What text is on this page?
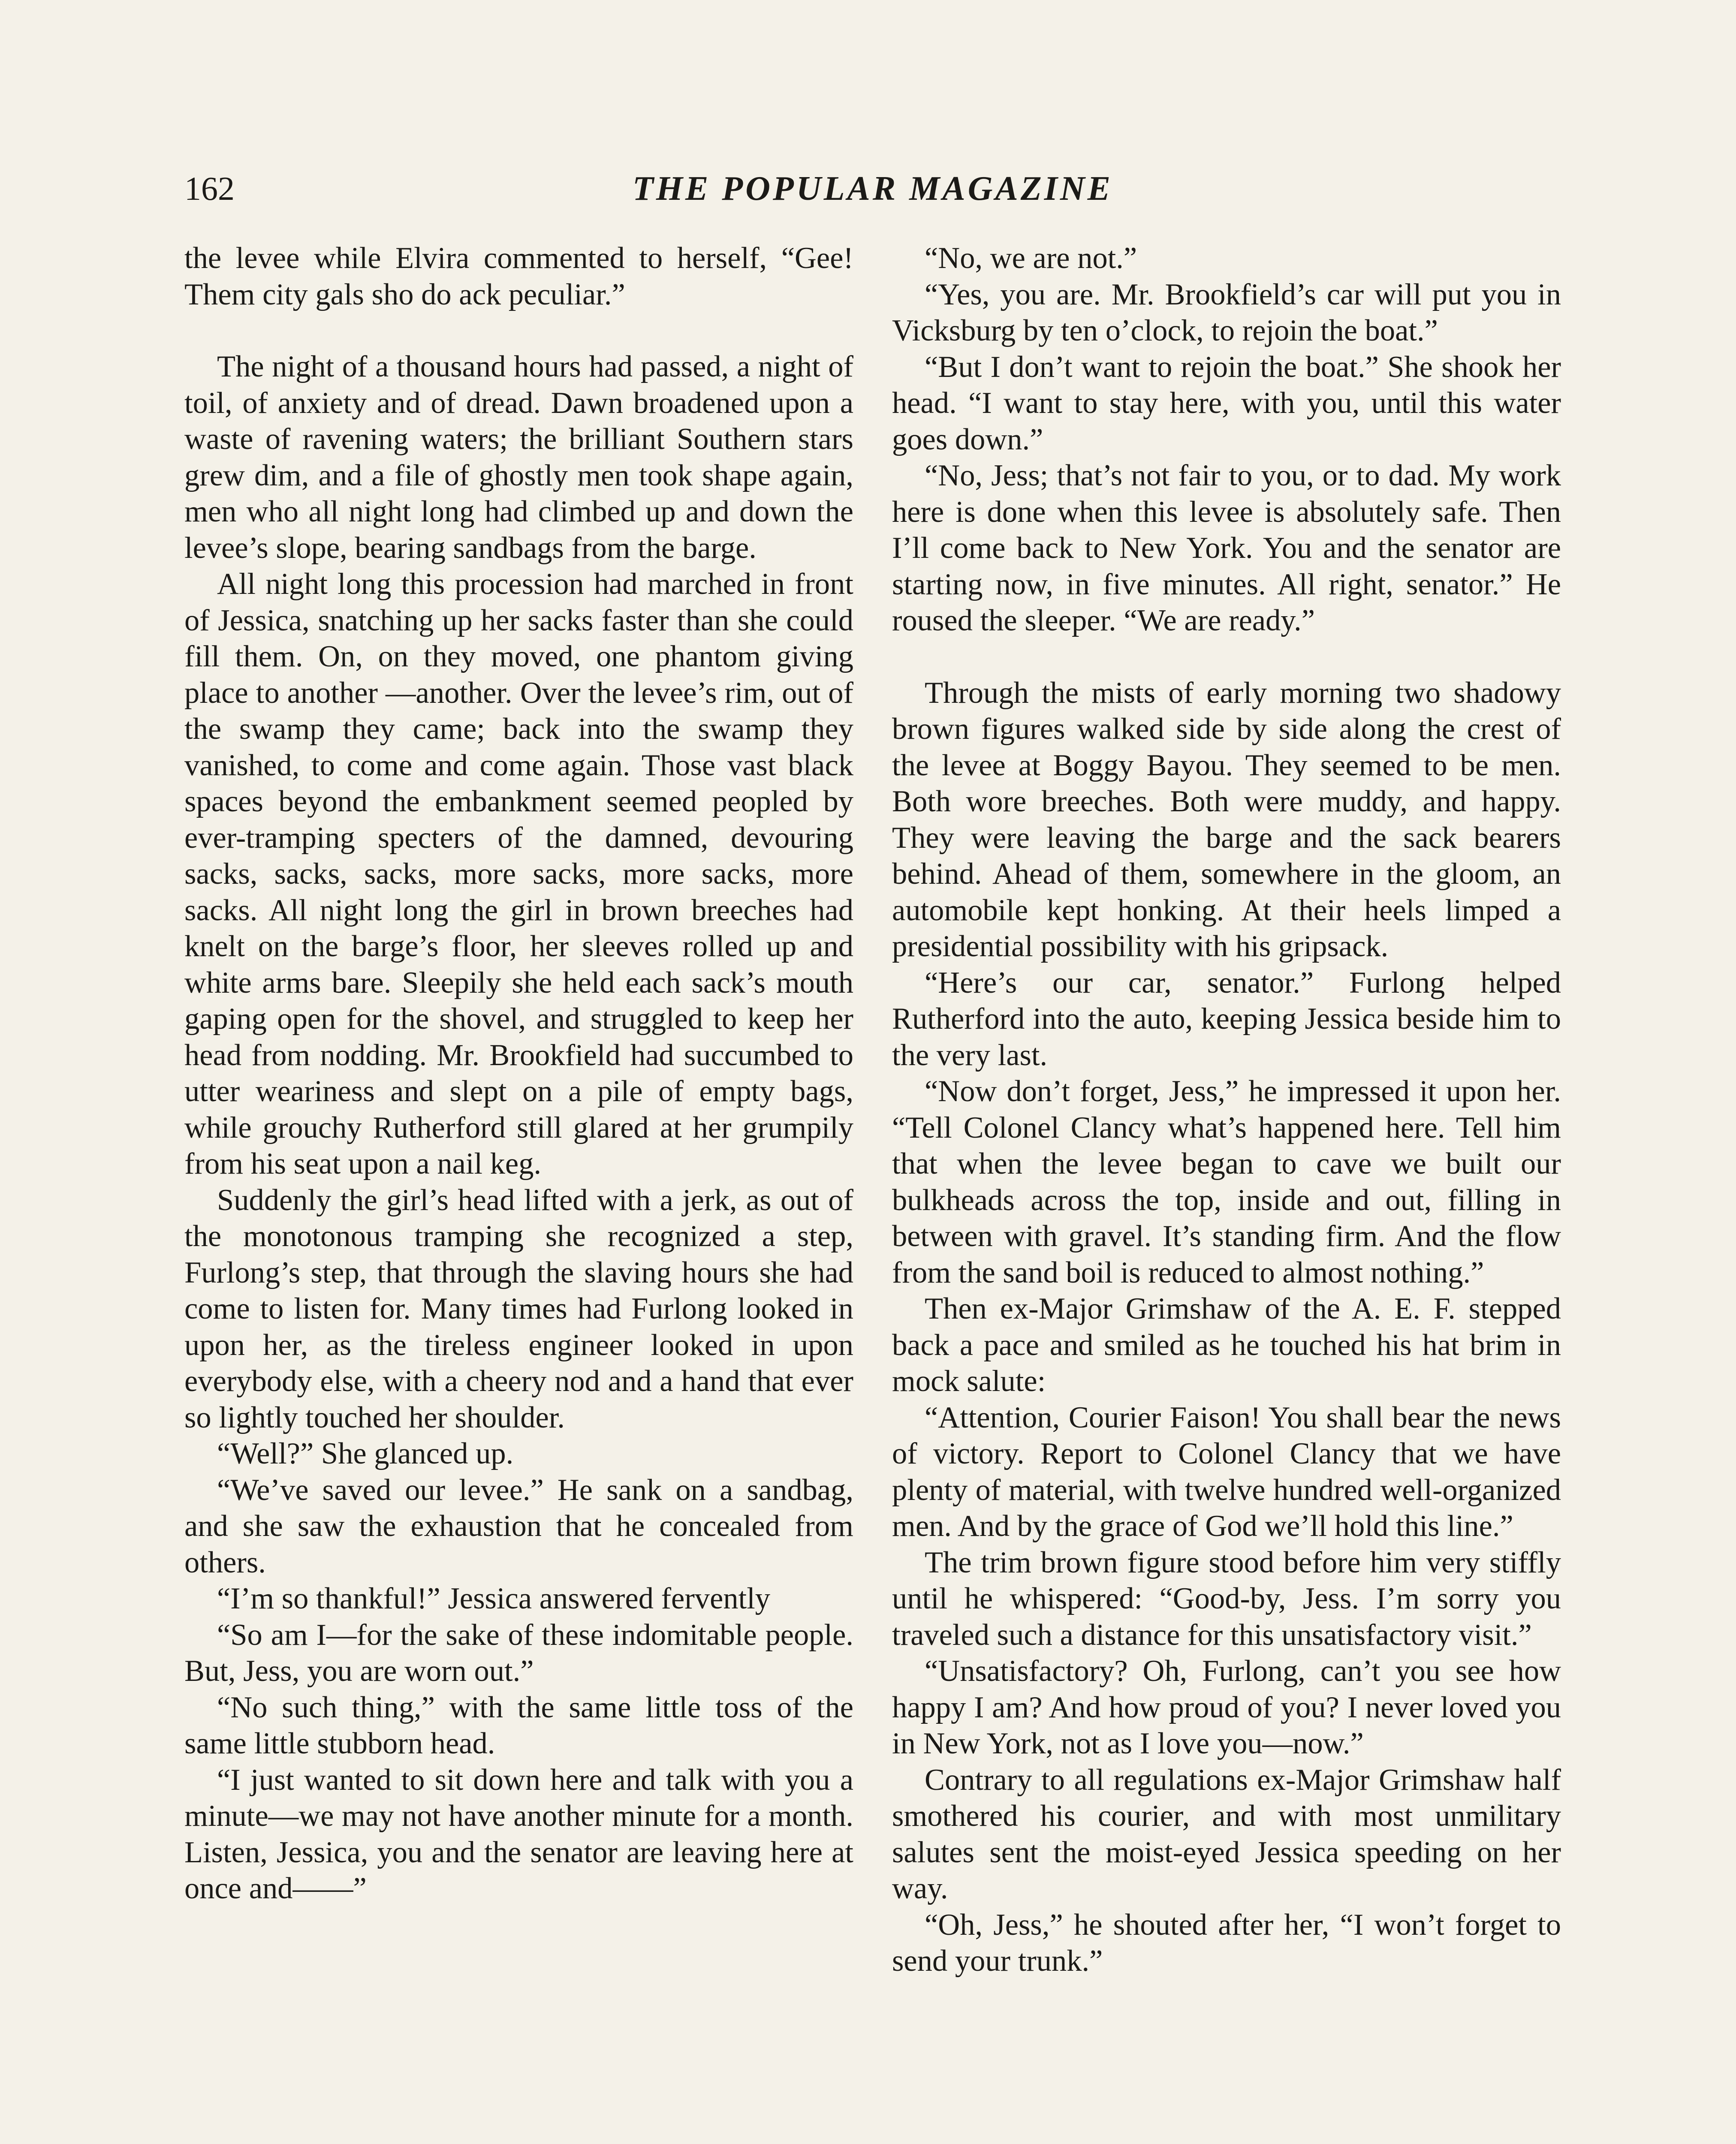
162	THE POPULAR MAGAZINE

the levee while Elvira commented to herself, “Gee! Them city gals sho do ack peculiar.”

The night of a thousand hours had passed, a night of toil, of anxiety and of dread. Dawn broadened upon a waste of ravening waters; the brilliant Southern stars grew dim, and a file of ghostly men took shape again, men who all night long had climbed up and down the levee’s slope, bearing sandbags from the barge.

All night long this procession had marched in front of Jessica, snatching up her sacks faster than she could fill them. On, on they moved, one phantom giving place to another —another. Over the levee’s rim, out of the swamp they came; back into the swamp they vanished, to come and come again. Those vast black spaces beyond the embankment seemed peopled by ever-tramping specters of the damned, devouring sacks, sacks, sacks, more sacks, more sacks, more sacks. All night long the girl in brown breeches had knelt on the barge’s floor, her sleeves rolled up and white arms bare. Sleepily she held each sack’s mouth gaping open for the shovel, and struggled to keep her head from nodding. Mr. Brookfield had succumbed to utter weariness and slept on a pile of empty bags, while grouchy Rutherford still glared at her grumpily from his seat upon a nail keg.

Suddenly the girl’s head lifted with a jerk, as out of the monotonous tramping she recognized a step, Furlong’s step, that through the slaving hours she had come to listen for. Many times had Furlong looked in upon her, as the tireless engineer looked in upon everybody else, with a cheery nod and a hand that ever so lightly touched her shoulder.

“Well?” She glanced up.

“We’ve saved our levee.” He sank on a sandbag, and she saw the exhaustion that he concealed from others.

“I’m so thankful!” Jessica answered fervently

“So am I—for the sake of these indomitable people. But, Jess, you are worn out.”

“No such thing,” with the same little toss of the same little stubborn head.

“I just wanted to sit down here and talk with you a minute—we may not have another minute for a month. Listen, Jessica, you and the senator are leaving here at once and——”

“No, we are not.”

“Yes, you are. Mr. Brookfield’s car will put you in Vicksburg by ten o’clock, to rejoin the boat.”

“But I don’t want to rejoin the boat.” She shook her head. “I want to stay here, with you, until this water goes down.”

“No, Jess; that’s not fair to you, or to dad. My work here is done when this levee is absolutely safe. Then I’ll come back to New York. You and the senator are starting now, in five minutes. All right, senator.” He roused the sleeper. “We are ready.”

Through the mists of early morning two shadowy brown figures walked side by side along the crest of the levee at Boggy Bayou. They seemed to be men. Both wore breeches. Both were muddy, and happy. They were leaving the barge and the sack bearers behind. Ahead of them, somewhere in the gloom, an automobile kept honking. At their heels limped a presidential possibility with his gripsack.

“Here’s our car, senator.” Furlong helped Rutherford into the auto, keeping Jessica beside him to the very last.

“Now don’t forget, Jess,” he impressed it upon her. “Tell Colonel Clancy what’s happened here. Tell him that when the levee began to cave we built our bulkheads across the top, inside and out, filling in between with gravel. It’s standing firm. And the flow from the sand boil is reduced to almost nothing.”

Then ex-Major Grimshaw of the A. E. F. stepped back a pace and smiled as he touched his hat brim in mock salute:

“Attention, Courier Faison! You shall bear the news of victory. Report to Colonel Clancy that we have plenty of material, with twelve hundred well-organized men. And by the grace of God we’ll hold this line.”

The trim brown figure stood before him very stiffly until he whispered: “Good-by, Jess. I’m sorry you traveled such a distance for this unsatisfactory visit.”

“Unsatisfactory? Oh, Furlong, can’t you see how happy I am? And how proud of you? I never loved you in New York, not as I love you—now.”

Contrary to all regulations ex-Major Grimshaw half smothered his courier, and with most unmilitary salutes sent the moist-eyed Jessica speeding on her way.

“Oh, Jess,” he shouted after her, “I won’t forget to send your trunk.”
